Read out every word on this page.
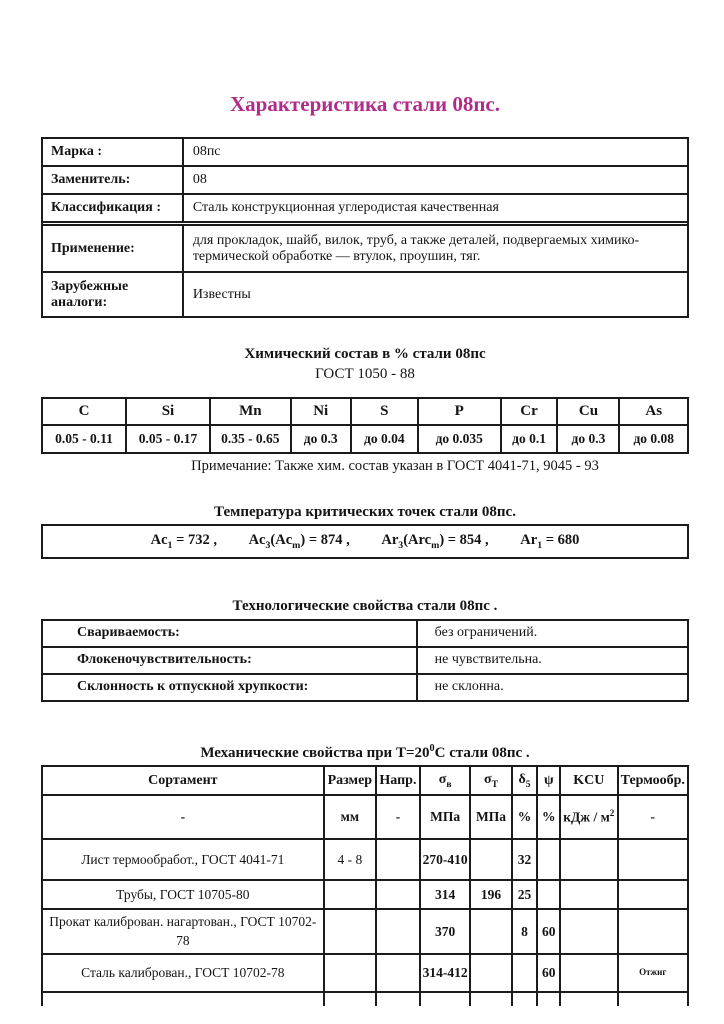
Характеристика стали 08пс.
Марка :	08пс
Заменитель:	08
Классификация :	Сталь конструкционная углеродистая качественная

Применение:	для прокладок, шайб, вилок, труб, а также деталей, подвергаемых химико-термической обработке — втулок, проушин, тяг.
Зарубежные аналоги:	Известны
Химический состав в % стали 08пс

ГОСТ 1050 - 88

C	Si	Mn	Ni	S	P	Cr	Cu	As
0.05 - 0.11	0.05 - 0.17	0.35 - 0.65	до 0.3	до 0.04	до 0.035	до 0.1	до 0.3	до 0.08

Примечание: Также хим. состав указан в ГОСТ 4041-71, 9045 - 93

Температура критических точек стали 08пс.
$Ac_1 = 732$ , $Ac_3(Ac_m) = 874$ , $Ar_3(Arc_m) = 854$ , $Ar_1 = 680$
Технологические свойства стали 08пс .
Свариваемость:	без ограничений.
Флокеночувствительность:	не чувствительна.
Склонность к отпускной хрупкости:	не склонна.
Механические свойства при $Т=20^0С$ стали 08пс .
Сортамент	Размер	Напр.	$\sigma_в$	$\sigma_Т$	$\delta_5$	ψ	KCU	Термообр.
-	мм	-	МПа	МПа	%	%	кДж / $м^2$	-
Лист термообработ., ГОСТ 4041-71	4 - 8		270-410		32			
Трубы, ГОСТ 10705-80			314	196	25			
Прокат калиброван. нагартован., ГОСТ 10702-78			370		8	60		
Сталь калиброван., ГОСТ 10702-78			314-412			60		Отжиг
